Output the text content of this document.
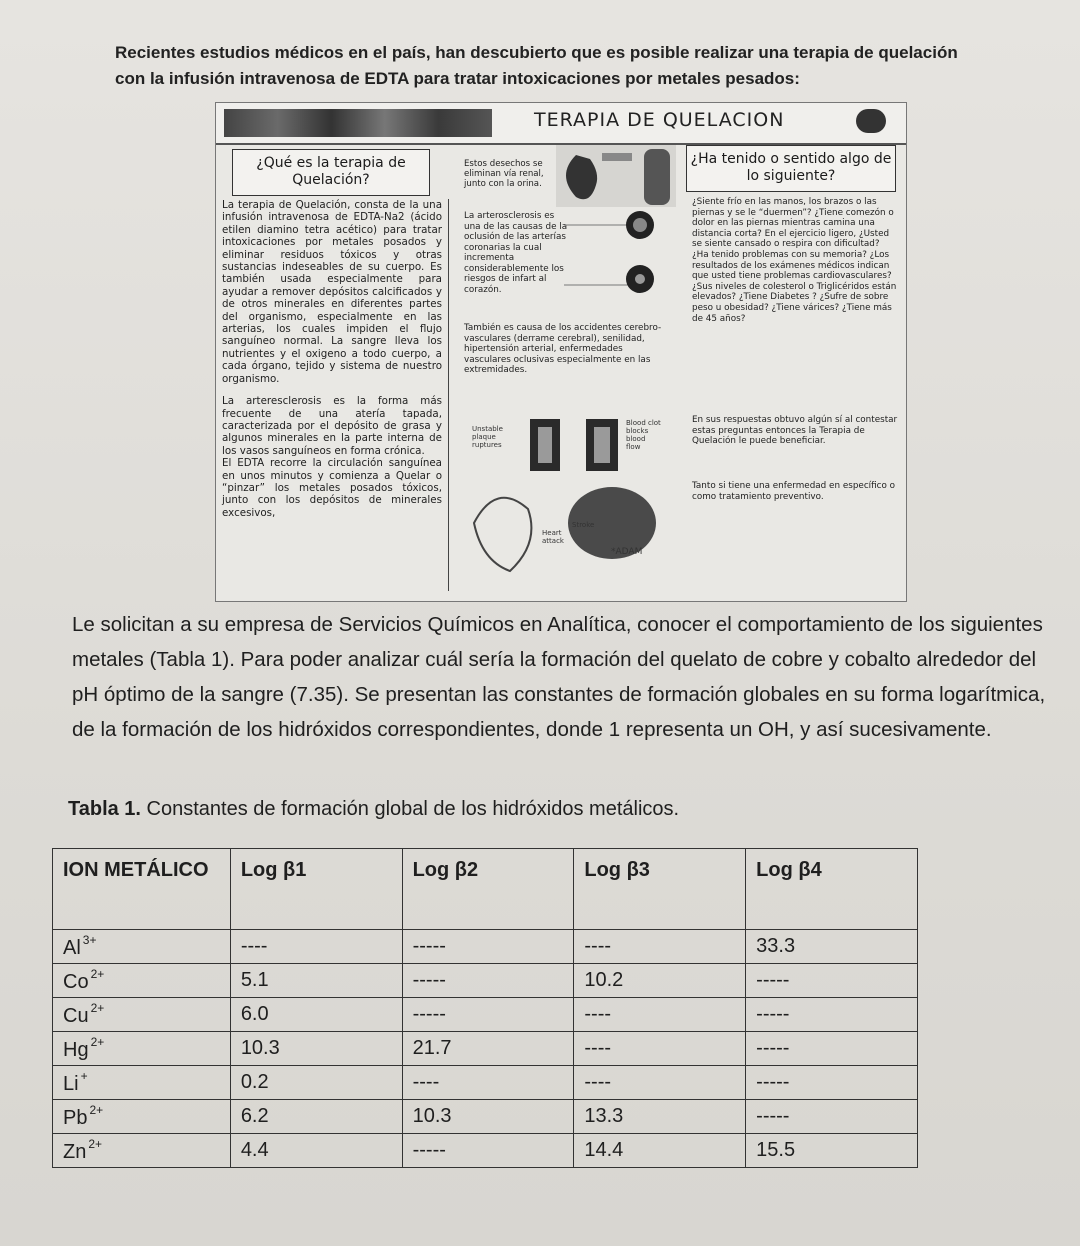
Recientes estudios médicos en el país, han descubierto que es posible realizar una terapia de quelación con la infusión intravenosa de EDTA para tratar intoxicaciones por metales pesados:
TERAPIA DE QUELACION
¿Qué es la terapia de Quelación?
¿Ha tenido o sentido algo de lo siguiente?
La terapia de Quelación, consta de la una infusión intravenosa de EDTA-Na2 (ácido etilen diamino tetra acético) para tratar intoxicaciones por metales posados y eliminar residuos tóxicos y otras sustancias indeseables de su cuerpo. Es también usada especialmente para ayudar a remover depósitos calcificados y de otros minerales en diferentes partes del organismo, especialmente en las arterias, los cuales impiden el flujo sanguíneo normal. La sangre lleva los nutrientes y el oxigeno a todo cuerpo, a cada órgano, tejido y sistema de nuestro organismo.
La arteresclerosis es la forma más frecuente de una atería tapada, caracterizada por el depósito de grasa y algunos minerales en la parte interna de los vasos sanguíneos en forma crónica.
El EDTA recorre la circulación sanguínea en unos minutos y comienza a Quelar o “pinzar” los metales posados tóxicos, junto con los depósitos de minerales excesivos,
Estos desechos se eliminan vía renal, junto con la orina.
La arterosclerosis es una de las causas de la oclusión de las arterías coronarias la cual incrementa considerablemente los riesgos de infart al corazón.
También es causa de los accidentes cerebro-vasculares (derrame cerebral), senilidad, hipertensión arterial, enfermedades vasculares oclusivas especialmente en las extremidades.
Unstable plaque ruptures
Blood clot blocks blood flow
Stroke
Heart attack
*ADAM
¿Siente frío en las manos, los brazos o las piernas y se le “duermen”? ¿Tiene comezón o dolor en las piernas mientras camina una distancia corta? En el ejercicio ligero, ¿Usted se siente cansado o respira con dificultad? ¿Ha tenido problemas con su memoria? ¿Los resultados de los exámenes médicos indican que usted tiene problemas cardiovasculares? ¿Sus niveles de colesterol o Triglicéridos están elevados? ¿Tiene Diabetes ? ¿Sufre de sobre peso u obesidad? ¿Tiene várices? ¿Tiene más de 45 años?
En sus respuestas obtuvo algún sí al contestar estas preguntas entonces la Terapia de Quelación le puede beneficiar.
Tanto si tiene una enfermedad en específico o como tratamiento preventivo.
Le solicitan a su empresa de Servicios Químicos en Analítica, conocer el comportamiento de los siguientes metales (Tabla 1). Para poder analizar cuál sería la formación del quelato de cobre y cobalto alrededor del pH óptimo de la sangre (7.35). Se presentan las constantes de formación globales en su forma logarítmica, de la formación de los hidróxidos correspondientes, donde 1 representa un OH, y así sucesivamente.
Tabla 1. Constantes de formación global de los hidróxidos metálicos.
ION METÁLICO	Log β1	Log β2	Log β3	Log β4
Al $^{3+}$	----	-----	----	33.3
Co $^{2+}$	5.1	-----	10.2	-----
Cu $^{2+}$	6.0	-----	----	-----
Hg $^{2+}$	10.3	21.7	----	-----
Li +	0.2	----	----	-----
Pb $^{2+}$	6.2	10.3	13.3	-----
Zn $^{2+}$	4.4	-----	14.4	15.5
